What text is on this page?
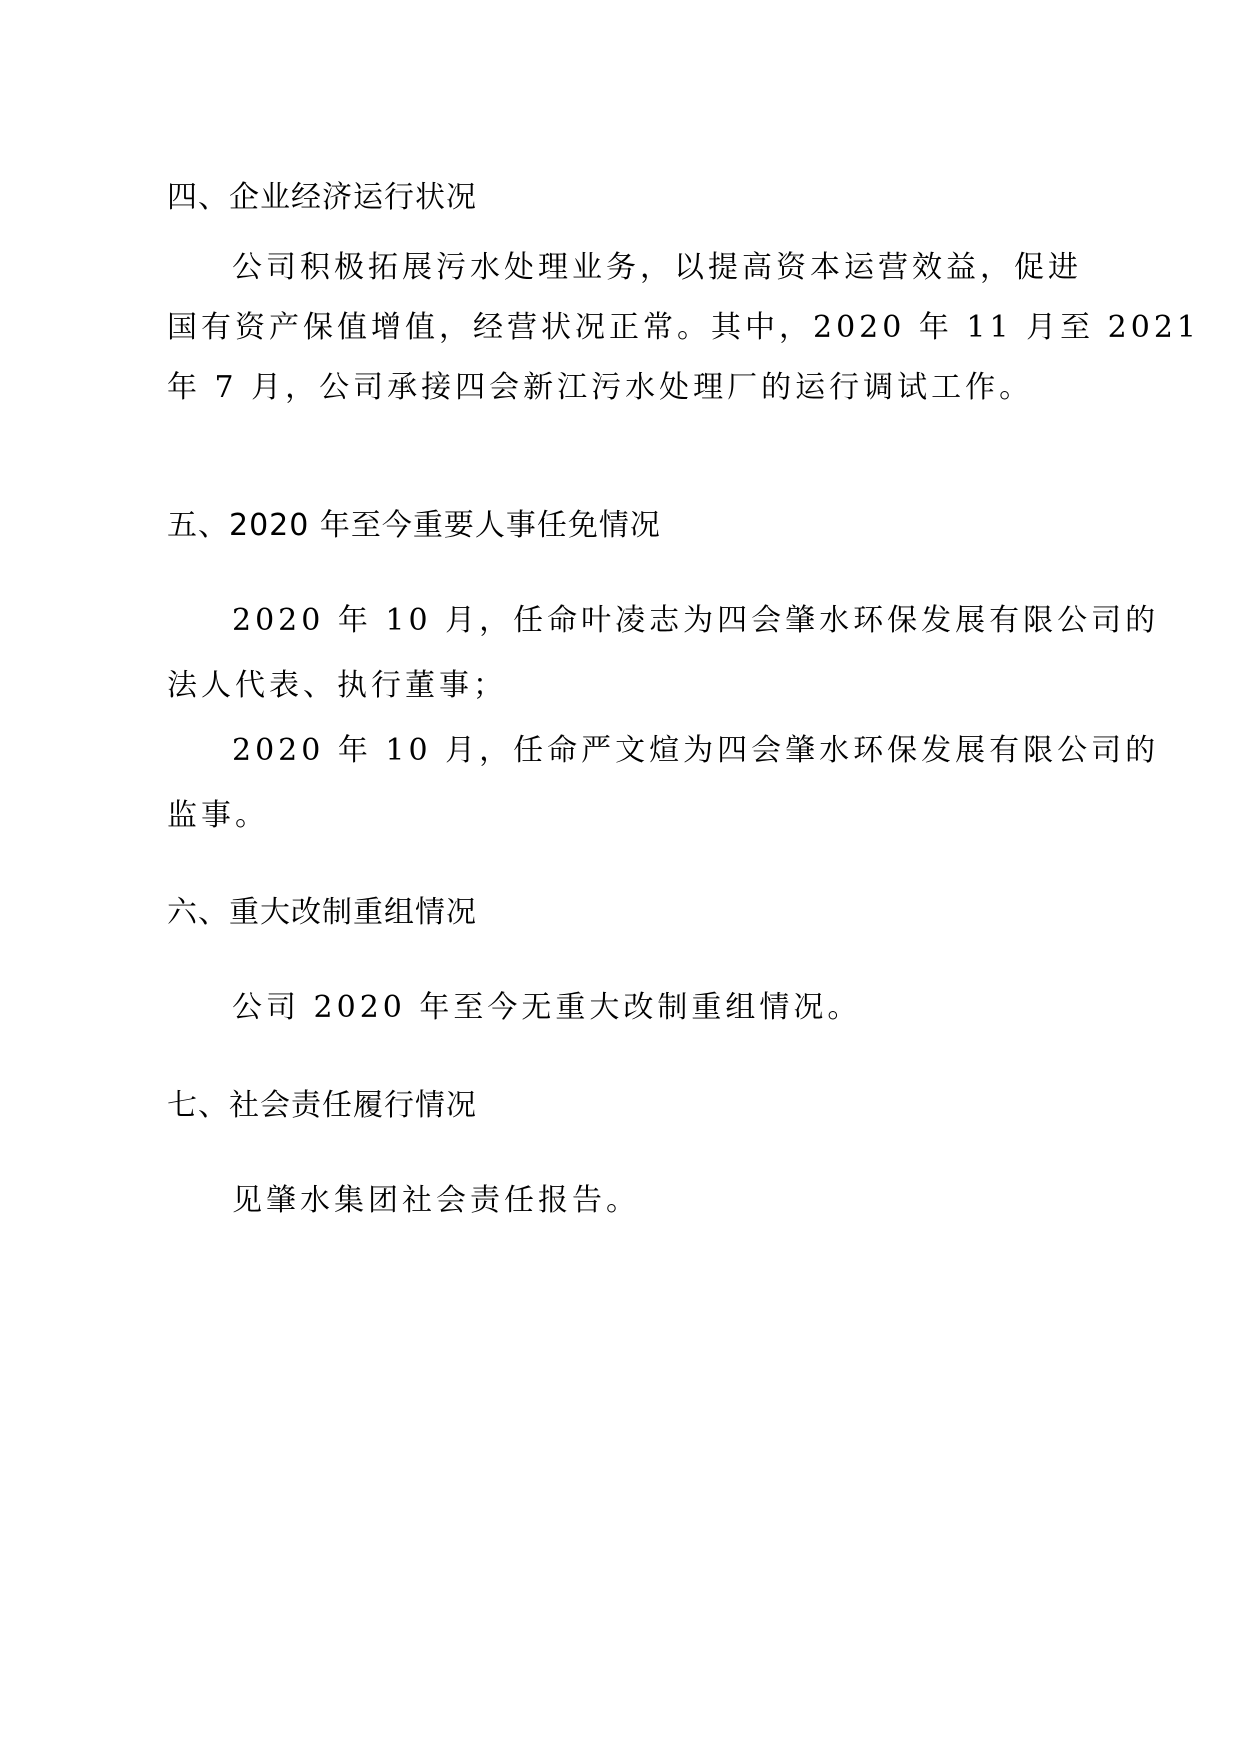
四、企业经济运行状况
公司积极拓展污水处理业务，以提高资本运营效益，促进
国有资产保值增值，经营状况正常。其中，2020 年 11 月至 2021
年 7 月，公司承接四会新江污水处理厂的运行调试工作。
五、2020 年至今重要人事任免情况
2020 年 10 月，任命叶凌志为四会肇水环保发展有限公司的
法人代表、执行董事；
2020 年 10 月，任命严文煊为四会肇水环保发展有限公司的
监事。
六、重大改制重组情况
公司 2020 年至今无重大改制重组情况。
七、社会责任履行情况
见肇水集团社会责任报告。
